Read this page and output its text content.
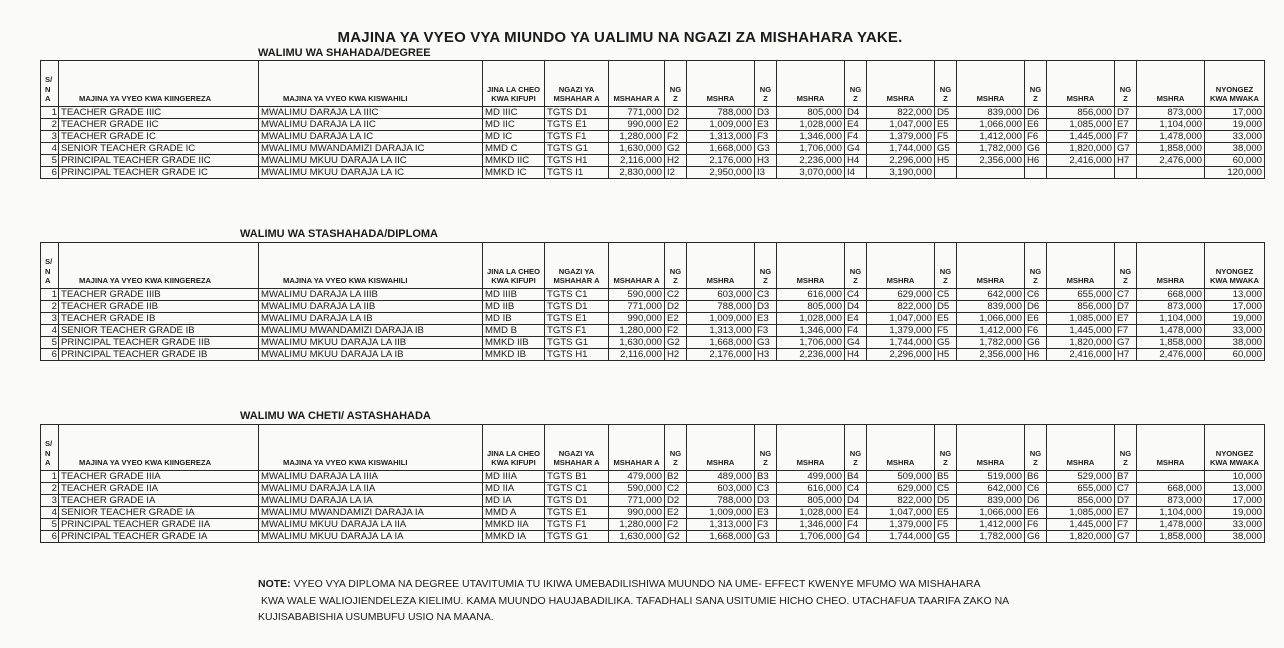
MAJINA YA VYEO VYA MIUNDO YA UALIMU NA NGAZI ZA MISHAHARA YAKE.
WALIMU WA SHAHADA/DEGREE
S/ N A	MAJINA YA VYEO KWA KIINGEREZA	MAJINA YA VYEO KWA KISWAHILI	JINA LA CHEO KWA KIFUPI	NGAZI YA MSHAHAR A	MSHAHAR A	NG Z	MSHRA	NG Z	MSHRA	NG Z	MSHRA	NG Z	MSHRA	NG Z	MSHRA	NG Z	MSHRA	NYONGEZ KWA MWAKA
1	TEACHER GRADE IIIC	MWALIMU DARAJA LA IIIC	MD IIIC	TGTS D1	771,000	D2	788,000	D3	805,000	D4	822,000	D5	839,000	D6	856,000	D7	873,000	17,000
2	TEACHER GRADE IIC	MWALIMU DARAJA LA IIC	MD IIC	TGTS E1	990,000	E2	1,009,000	E3	1,028,000	E4	1,047,000	E5	1,066,000	E6	1,085,000	E7	1,104,000	19,000
3	TEACHER GRADE IC	MWALIMU DARAJA LA IC	MD IC	TGTS F1	1,280,000	F2	1,313,000	F3	1,346,000	F4	1,379,000	F5	1,412,000	F6	1,445,000	F7	1,478,000	33,000
4	SENIOR TEACHER GRADE IC	MWALIMU MWANDAMIZI DARAJA IC	MMD C	TGTS G1	1,630,000	G2	1,668,000	G3	1,706,000	G4	1,744,000	G5	1,782,000	G6	1,820,000	G7	1,858,000	38,000
5	PRINCIPAL TEACHER GRADE IIC	MWALIMU MKUU DARAJA LA IIC	MMKD IIC	TGTS H1	2,116,000	H2	2,176,000	H3	2,236,000	H4	2,296,000	H5	2,356,000	H6	2,416,000	H7	2,476,000	60,000
6	PRINCIPAL TEACHER GRADE IC	MWALIMU MKUU DARAJA LA IC	MMKD IC	TGTS I1	2,830,000	I2	2,950,000	I3	3,070,000	I4	3,190,000							120,000
WALIMU WA STASHAHADA/DIPLOMA
S/ N A	MAJINA YA VYEO KWA KIINGEREZA	MAJINA YA VYEO KWA KISWAHILI	JINA LA CHEO KWA KIFUPI	NGAZI YA MSHAHAR A	MSHAHAR A	NG Z	MSHRA	NG Z	MSHRA	NG Z	MSHRA	NG Z	MSHRA	NG Z	MSHRA	NG Z	MSHRA	NYONGEZ KWA MWAKA
1	TEACHER GRADE IIIB	MWALIMU DARAJA LA IIIB	MD IIIB	TGTS C1	590,000	C2	603,000	C3	616,000	C4	629,000	C5	642,000	C6	655,000	C7	668,000	13,000
2	TEACHER GRADE IIB	MWALIMU DARAJA LA IIB	MD IIB	TGTS D1	771,000	D2	788,000	D3	805,000	D4	822,000	D5	839,000	D6	856,000	D7	873,000	17,000
3	TEACHER GRADE IB	MWALIMU DARAJA LA IB	MD IB	TGTS E1	990,000	E2	1,009,000	E3	1,028,000	E4	1,047,000	E5	1,066,000	E6	1,085,000	E7	1,104,000	19,000
4	SENIOR TEACHER GRADE IB	MWALIMU MWANDAMIZI DARAJA IB	MMD B	TGTS F1	1,280,000	F2	1,313,000	F3	1,346,000	F4	1,379,000	F5	1,412,000	F6	1,445,000	F7	1,478,000	33,000
5	PRINCIPAL TEACHER GRADE IIB	MWALIMU MKUU DARAJA LA IIB	MMKD IIB	TGTS G1	1,630,000	G2	1,668,000	G3	1,706,000	G4	1,744,000	G5	1,782,000	G6	1,820,000	G7	1,858,000	38,000
6	PRINCIPAL TEACHER GRADE IB	MWALIMU MKUU DARAJA LA IB	MMKD IB	TGTS H1	2,116,000	H2	2,176,000	H3	2,236,000	H4	2,296,000	H5	2,356,000	H6	2,416,000	H7	2,476,000	60,000
WALIMU WA CHETI/ ASTASHAHADA
S/ N A	MAJINA YA VYEO KWA KIINGEREZA	MAJINA YA VYEO KWA KISWAHILI	JINA LA CHEO KWA KIFUPI	NGAZI YA MSHAHAR A	MSHAHAR A	NG Z	MSHRA	NG Z	MSHRA	NG Z	MSHRA	NG Z	MSHRA	NG Z	MSHRA	NG Z	MSHRA	NYONGEZ KWA MWAKA
1	TEACHER GRADE IIIA	MWALIMU DARAJA LA IIIA	MD IIIA	TGTS B1	479,000	B2	489,000	B3	499,000	B4	509,000	B5	519,000	B6	529,000	B7		10,000
2	TEACHER GRADE IIA	MWALIMU DARAJA LA IIA	MD IIA	TGTS C1	590,000	C2	603,000	C3	616,000	C4	629,000	C5	642,000	C6	655,000	C7	668,000	13,000
3	TEACHER GRADE IA	MWALIMU DARAJA LA IA	MD IA	TGTS D1	771,000	D2	788,000	D3	805,000	D4	822,000	D5	839,000	D6	856,000	D7	873,000	17,000
4	SENIOR TEACHER GRADE IA	MWALIMU MWANDAMIZI DARAJA IA	MMD A	TGTS E1	990,000	E2	1,009,000	E3	1,028,000	E4	1,047,000	E5	1,066,000	E6	1,085,000	E7	1,104,000	19,000
5	PRINCIPAL TEACHER GRADE IIA	MWALIMU MKUU DARAJA LA IIA	MMKD IIA	TGTS F1	1,280,000	F2	1,313,000	F3	1,346,000	F4	1,379,000	F5	1,412,000	F6	1,445,000	F7	1,478,000	33,000
6	PRINCIPAL TEACHER GRADE IA	MWALIMU MKUU DARAJA LA IA	MMKD IA	TGTS G1	1,630,000	G2	1,668,000	G3	1,706,000	G4	1,744,000	G5	1,782,000	G6	1,820,000	G7	1,858,000	38,000
NOTE: VYEO VYA DIPLOMA NA DEGREE UTAVITUMIA TU IKIWA UMEBADILISHIWA MUUNDO NA UME- EFFECT KWENYE MFUMO WA MISHAHARA
KWA WALE WALIOJIENDELEZA KIELIMU. KAMA MUUNDO HAUJABADILIKA. TAFADHALI SANA USITUMIE HICHO CHEO. UTACHAFUA TAARIFA ZAKO NA
KUJISABABISHIA USUMBUFU USIO NA MAANA.
